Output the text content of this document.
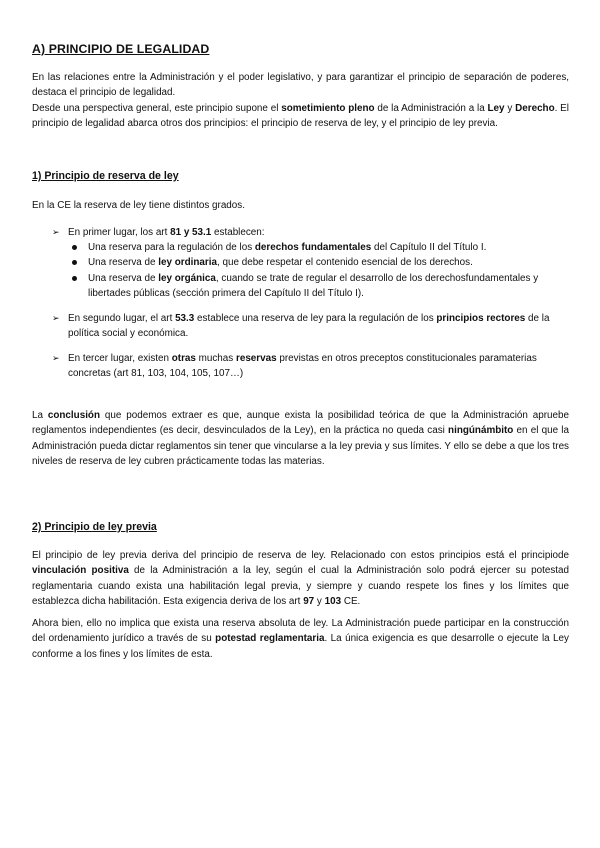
A) PRINCIPIO DE LEGALIDAD

En las relaciones entre la Administración y el poder legislativo, y para garantizar el principio de separación de poderes, destaca el principio de legalidad.

Desde una perspectiva general, este principio supone el sometimiento pleno de la Administración a la Ley y Derecho. El principio de legalidad abarca otros dos principios: el principio de reserva de ley, y el principio de ley previa.

1) Principio de reserva de ley
En la CE la reserva de ley tiene distintos grados.
➢ En primer lugar, los art 81 y 53.1 establecen:
Una reserva para la regulación de los derechos fundamentales del Capítulo II del Título I.
Una reserva de ley ordinaria, que debe respetar el contenido esencial de los derechos.
Una reserva de ley orgánica, cuando se trate de regular el desarrollo de los derechosfundamentales y libertades públicas (sección primera del Capítulo II del Título I).
➢ En segundo lugar, el art 53.3 establece una reserva de ley para la regulación de los principios rectores de la política social y económica.
➢ En tercer lugar, existen otras muchas reservas previstas en otros preceptos constitucionales paramaterias concretas (art 81, 103, 104, 105, 107…)
La conclusión que podemos extraer es que, aunque exista la posibilidad teórica de que la Administración apruebe reglamentos independientes (es decir, desvinculados de la Ley), en la práctica no queda casi ningúnámbito en el que la Administración pueda dictar reglamentos sin tener que vincularse a la ley previa y sus límites. Y ello se debe a que los tres niveles de reserva de ley cubren prácticamente todas las materias.
2) Principio de ley previa
El principio de ley previa deriva del principio de reserva de ley. Relacionado con estos principios está el principiode vinculación positiva de la Administración a la ley, según el cual la Administración solo podrá ejercer su potestad reglamentaria cuando exista una habilitación legal previa, y siempre y cuando respete los fines y los límites que establezca dicha habilitación. Esta exigencia deriva de los art 97 y 103 CE.
Ahora bien, ello no implica que exista una reserva absoluta de ley. La Administración puede participar en la construcción del ordenamiento jurídico a través de su potestad reglamentaria. La única exigencia es que desarrolle o ejecute la Ley conforme a los fines y los límites de esta.
